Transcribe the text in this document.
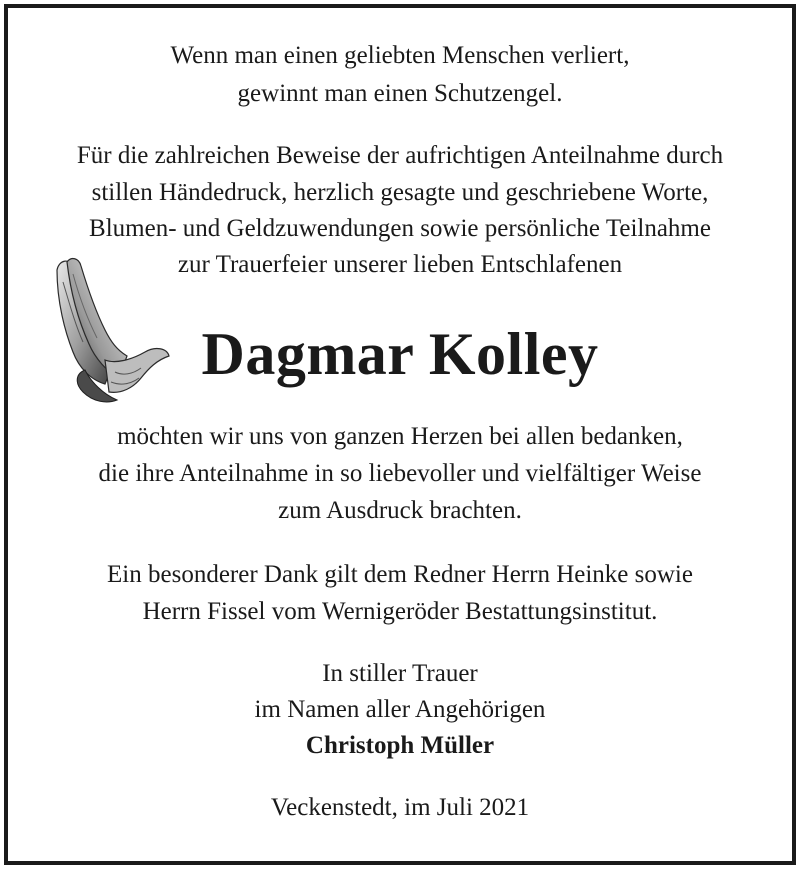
Wenn man einen geliebten Menschen verliert,
gewinnt man einen Schutzengel.
Für die zahlreichen Beweise der aufrichtigen Anteilnahme durch
stillen Händedruck, herzlich gesagte und geschriebene Worte,
Blumen- und Geldzuwendungen sowie persönliche Teilnahme
zur Trauerfeier unserer lieben Entschlafenen
Dagmar Kolley
möchten wir uns von ganzen Herzen bei allen bedanken,
die ihre Anteilnahme in so liebevoller und vielfältiger Weise
zum Ausdruck brachten.
Ein besonderer Dank gilt dem Redner Herrn Heinke sowie
Herrn Fissel vom Wernigeröder Bestattungsinstitut.
In stiller Trauer
im Namen aller Angehörigen
Christoph Müller
Veckenstedt, im Juli 2021
